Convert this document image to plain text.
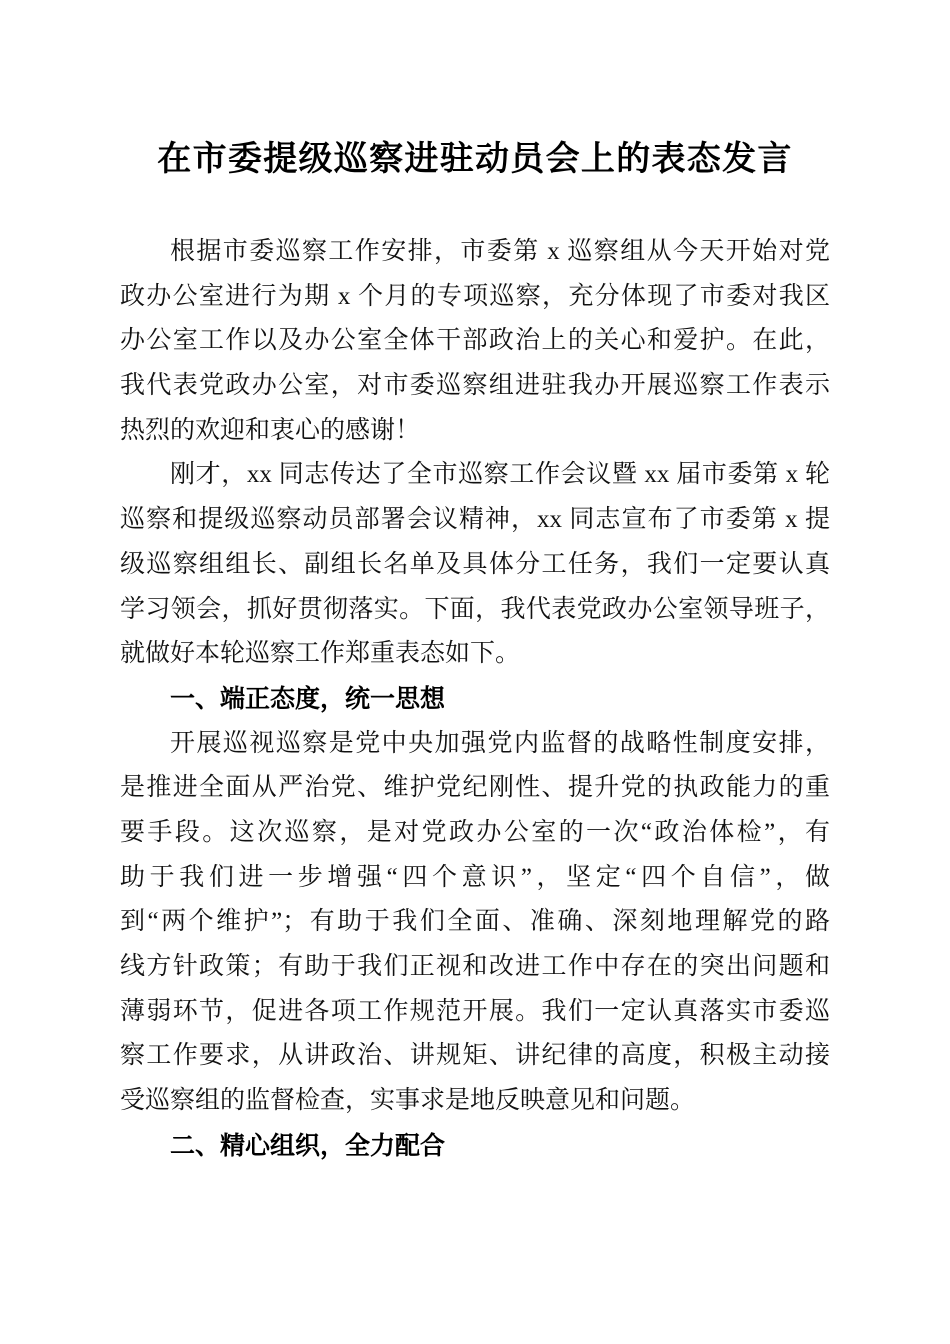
在市委提级巡察进驻动员会上的表态发言
根据市委巡察工作安排，市委第 x 巡察组从今天开始对党
政办公室进行为期 x 个月的专项巡察，充分体现了市委对我区
办公室工作以及办公室全体干部政治上的关心和爱护。在此，
我代表党政办公室，对市委巡察组进驻我办开展巡察工作表示
热烈的欢迎和衷心的感谢！
刚才，xx 同志传达了全市巡察工作会议暨 xx 届市委第 x 轮
巡察和提级巡察动员部署会议精神，xx 同志宣布了市委第 x 提
级巡察组组长、副组长名单及具体分工任务，我们一定要认真
学习领会，抓好贯彻落实。下面，我代表党政办公室领导班子，
就做好本轮巡察工作郑重表态如下。
一、端正态度，统一思想
开展巡视巡察是党中央加强党内监督的战略性制度安排，
是推进全面从严治党、维护党纪刚性、提升党的执政能力的重
要手段。这次巡察，是对党政办公室的一次“政治体检”，有
助于我们进一步增强“四个意识”，坚定“四个自信”，做
到“两个维护”；有助于我们全面、准确、深刻地理解党的路
线方针政策；有助于我们正视和改进工作中存在的突出问题和
薄弱环节，促进各项工作规范开展。我们一定认真落实市委巡
察工作要求，从讲政治、讲规矩、讲纪律的高度，积极主动接
受巡察组的监督检查，实事求是地反映意见和问题。
二、精心组织，全力配合
